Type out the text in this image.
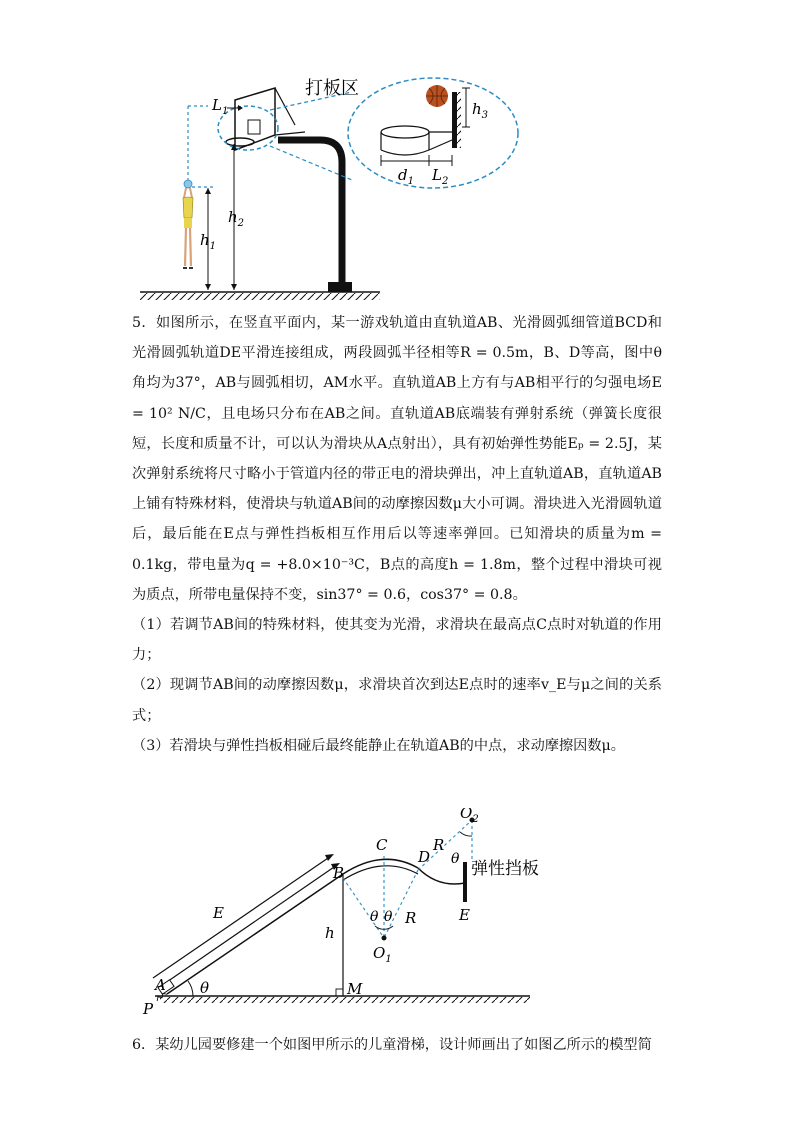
$h_3$
$d_1$ $L_2$
打板区
$L_1$
$h_2$
$h_1$

5．如图所示，在竖直平面内，某一游戏轨道由直轨道AB、光滑圆弧细管道BCD和光滑圆弧轨道DE平滑连接组成，两段圆弧半径相等R = 0.5m，B、D等高，图中θ角均为37°，AB与圆弧相切，AM水平。直轨道AB上方有与AB相平行的匀强电场E = 10² N/C，且电场只分布在AB之间。直轨道AB底端装有弹射系统（弹簧长度很短，长度和质量不计，可以认为滑块从A点射出），具有初始弹性势能Eₚ = 2.5J，某次弹射系统将尺寸略小于管道内径的带正电的滑块弹出，冲上直轨道AB，直轨道AB上铺有特殊材料，使滑块与轨道AB间的动摩擦因数μ大小可调。滑块进入光滑圆轨道后，最后能在E点与弹性挡板相互作用后以等速率弹回。已知滑块的质量为m = 0.1kg，带电量为q = +8.0×10⁻³C，B点的高度h = 1.8m，整个过程中滑块可视为质点，所带电量保持不变，sin37° = 0.6，cos37° = 0.8。

（1）若调节AB间的特殊材料，使其变为光滑，求滑块在最高点C点时对轨道的作用力；

（2）现调节AB间的动摩擦因数μ，求滑块首次到达E点时的速率v_E与μ之间的关系式；

（3）若滑块与弹性挡板相碰后最终能静止在轨道AB的中点，求动摩擦因数μ。

θ
P
A
B
C
D
E
E
M
h
R
R
θ θ
θ
$O_1$
$O_2$
弹性挡板
6．某幼儿园要修建一个如图甲所示的儿童滑梯，设计师画出了如图乙所示的模型简
